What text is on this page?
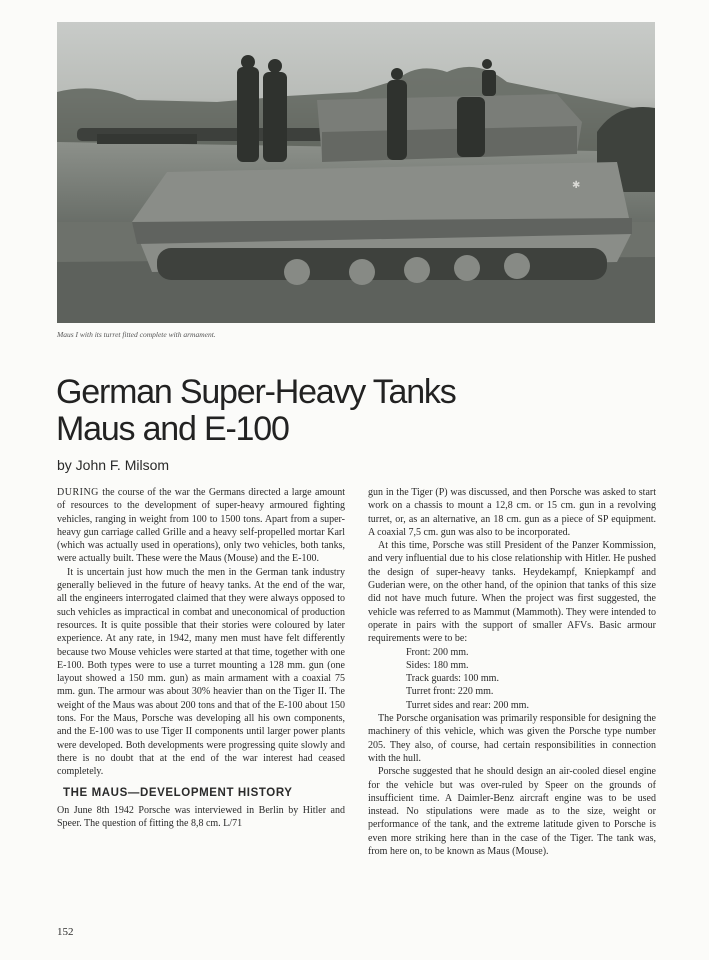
✱
Maus I with its turret fitted complete with armament.
German Super-Heavy Tanks
Maus and E-100
by John F. Milsom

DURING the course of the war the Germans directed a large amount of resources to the development of super-heavy armoured fighting vehicles, ranging in weight from 100 to 1500 tons. Apart from a super-heavy gun carriage called Grille and a heavy self-propelled mortar Karl (which was actually used in operations), only two vehicles, both tanks, were actually built. These were the Maus (Mouse) and the E-100.

It is uncertain just how much the men in the German tank industry generally believed in the future of heavy tanks. At the end of the war, all the engineers interrogated claimed that they were always opposed to such vehicles as impractical in combat and uneconomical of production resources. It is quite possible that their stories were coloured by later experience. At any rate, in 1942, many men must have felt differently because two Mouse vehicles were started at that time, together with one E-100. Both types were to use a turret mounting a 128 mm. gun (one layout showed a 150 mm. gun) as main armament with a coaxial 75 mm. gun. The armour was about 30% heavier than on the Tiger II. The weight of the Maus was about 200 tons and that of the E-100 about 150 tons. For the Maus, Porsche was developing all his own components, and the E-100 was to use Tiger II components until larger power plants were developed. Both developments were progressing quite slowly and there is no doubt that at the end of the war interest had ceased completely.

THE MAUS—DEVELOPMENT HISTORY

On June 8th 1942 Porsche was interviewed in Berlin by Hitler and Speer. The question of fitting the 8,8 cm. L/71

gun in the Tiger (P) was discussed, and then Porsche was asked to start work on a chassis to mount a 12,8 cm. or 15 cm. gun in a revolving turret, or, as an alternative, an 18 cm. gun as a piece of SP equipment. A coaxial 7,5 cm. gun was also to be incorporated.

At this time, Porsche was still President of the Panzer Kommission, and very influential due to his close relationship with Hitler. He pushed the design of super-heavy tanks. Heydekampf, Kniepkampf and Guderian were, on the other hand, of the opinion that tanks of this size did not have much future. When the project was first suggested, the vehicle was referred to as Mammut (Mammoth). They were intended to operate in pairs with the support of smaller AFVs. Basic armour requirements were to be:

Front: 200 mm.

Sides: 180 mm.

Track guards: 100 mm.

Turret front: 220 mm.

Turret sides and rear: 200 mm.

The Porsche organisation was primarily responsible for designing the machinery of this vehicle, which was given the Porsche type number 205. They also, of course, had certain responsibilities in connection with the hull.

Porsche suggested that he should design an air-cooled diesel engine for the vehicle but was over-ruled by Speer on the grounds of insufficient time. A Daimler-Benz aircraft engine was to be used instead. No stipulations were made as to the size, weight or performance of the tank, and the extreme latitude given to Porsche is even more striking here than in the case of the Tiger. The tank was, from here on, to be known as Maus (Mouse).

152
